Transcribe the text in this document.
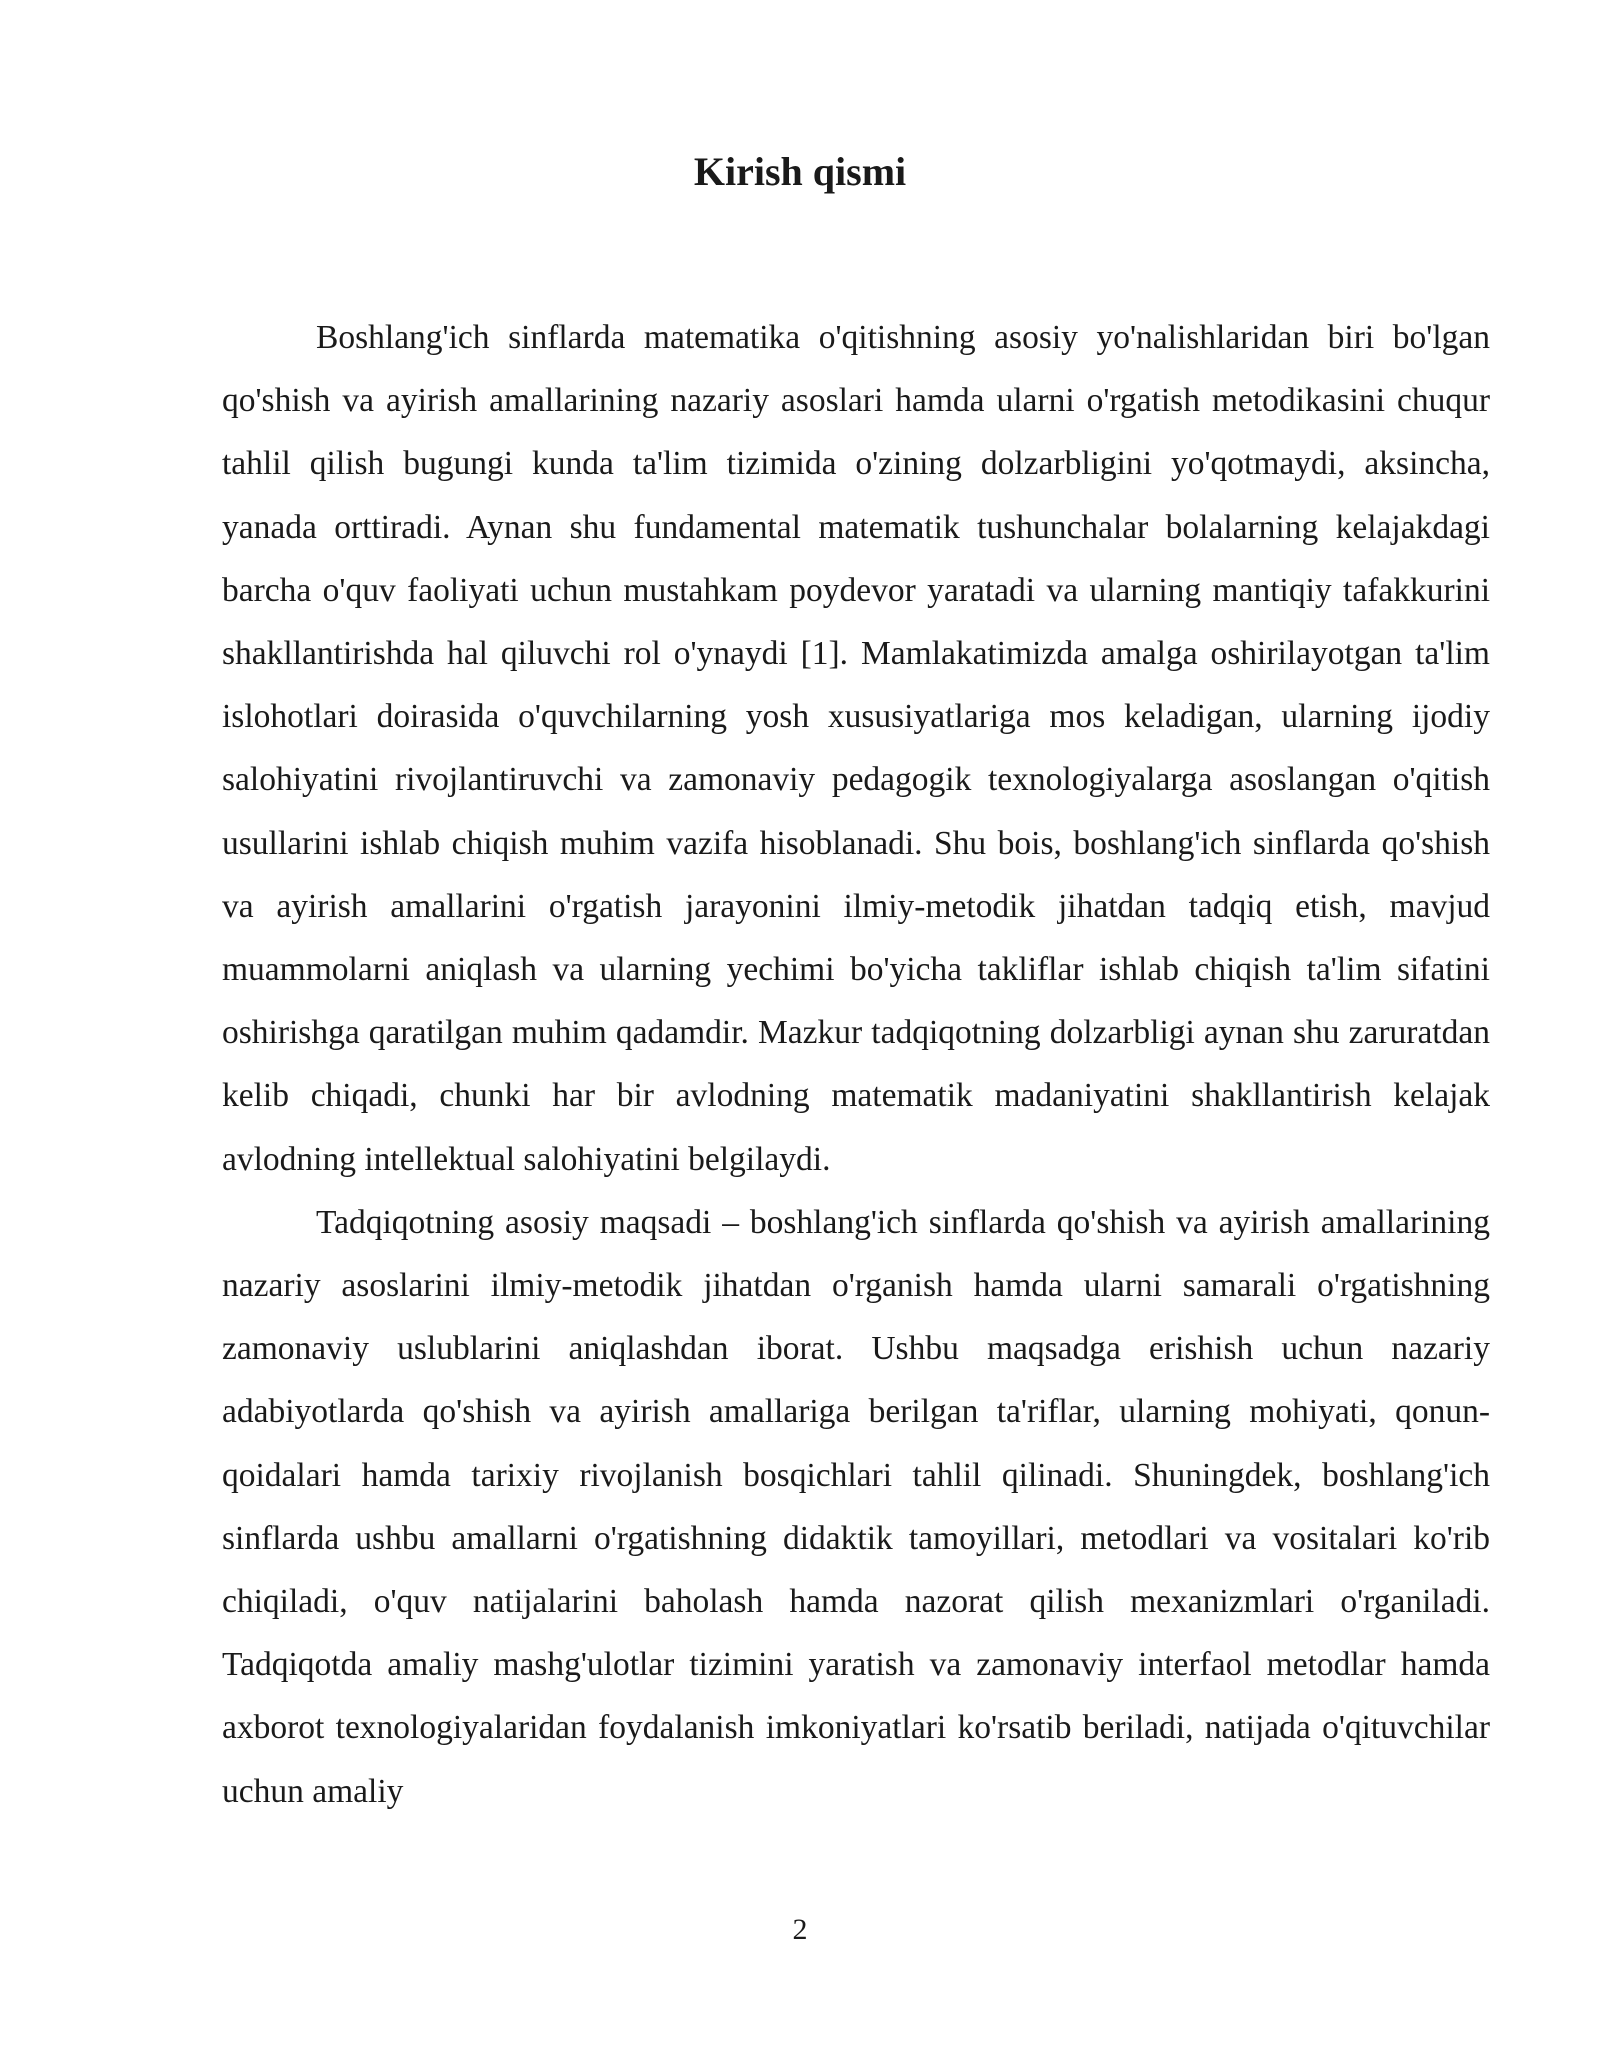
Kirish qismi

Boshlang'ich sinflarda matematika o'qitishning asosiy yo'nalishlaridan biri bo'lgan qo'shish va ayirish amallarining nazariy asoslari hamda ularni o'rgatish metodikasini chuqur tahlil qilish bugungi kunda ta'lim tizimida o'zining dolzarbligini yo'qotmaydi, aksincha, yanada orttiradi. Aynan shu fundamental matematik tushunchalar bolalarning kelajakdagi barcha o'quv faoliyati uchun mustahkam poydevor yaratadi va ularning mantiqiy tafakkurini shakllantirishda hal qiluvchi rol o'ynaydi [1]. Mamlakatimizda amalga oshirilayotgan ta'lim islohotlari doirasida o'quvchilarning yosh xususiyatlariga mos keladigan, ularning ijodiy salohiyatini rivojlantiruvchi va zamonaviy pedagogik texnologiyalarga asoslangan o'qitish usullarini ishlab chiqish muhim vazifa hisoblanadi. Shu bois, boshlang'ich sinflarda qo'shish va ayirish amallarini o'rgatish jarayonini ilmiy-metodik jihatdan tadqiq etish, mavjud muammolarni aniqlash va ularning yechimi bo'yicha takliflar ishlab chiqish ta'lim sifatini oshirishga qaratilgan muhim qadamdir. Mazkur tadqiqotning dolzarbligi aynan shu zaruratdan kelib chiqadi, chunki har bir avlodning matematik madaniyatini shakllantirish kelajak avlodning intellektual salohiyatini belgilaydi.

Tadqiqotning asosiy maqsadi – boshlang'ich sinflarda qo'shish va ayirish amallarining nazariy asoslarini ilmiy-metodik jihatdan o'rganish hamda ularni samarali o'rgatishning zamonaviy uslublarini aniqlashdan iborat. Ushbu maqsadga erishish uchun nazariy adabiyotlarda qo'shish va ayirish amallariga berilgan ta'riflar, ularning mohiyati, qonun-qoidalari hamda tarixiy rivojlanish bosqichlari tahlil qilinadi. Shuningdek, boshlang'ich sinflarda ushbu amallarni o'rgatishning didaktik tamoyillari, metodlari va vositalari ko'rib chiqiladi, o'quv natijalarini baholash hamda nazorat qilish mexanizmlari o'rganiladi. Tadqiqotda amaliy mashg'ulotlar tizimini yaratish va zamonaviy interfaol metodlar hamda axborot texnologiyalaridan foydalanish imkoniyatlari ko'rsatib beriladi, natijada o'qituvchilar uchun amaliy

2
